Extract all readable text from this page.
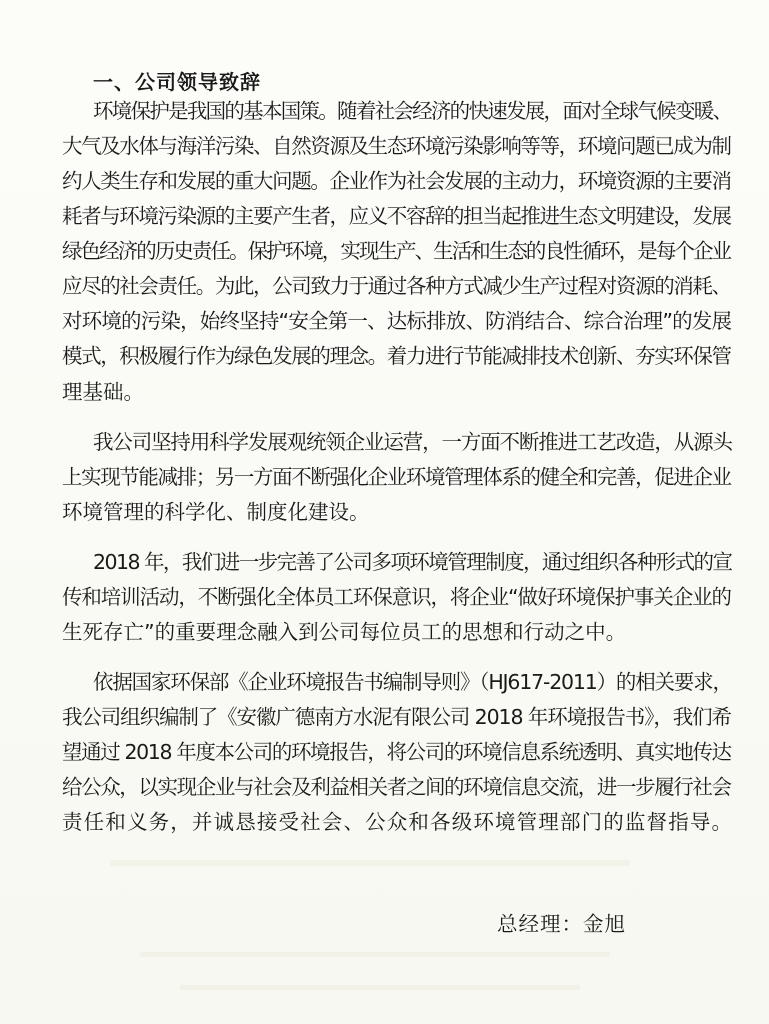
一、公司领导致辞
环境保护是我国的基本国策。随着社会经济的快速发展，面对全球气候变暖、
大气及水体与海洋污染、自然资源及生态环境污染影响等等，环境问题已成为制
约人类生存和发展的重大问题。企业作为社会发展的主动力，环境资源的主要消
耗者与环境污染源的主要产生者，应义不容辞的担当起推进生态文明建设，发展
绿色经济的历史责任。保护环境，实现生产、生活和生态的良性循环，是每个企业
应尽的社会责任。为此，公司致力于通过各种方式减少生产过程对资源的消耗、
对环境的污染，始终坚持“安全第一、达标排放、防消结合、综合治理”的发展
模式，积极履行作为绿色发展的理念。着力进行节能减排技术创新、夯实环保管
理基础。
我公司坚持用科学发展观统领企业运营，一方面不断推进工艺改造，从源头
上实现节能减排；另一方面不断强化企业环境管理体系的健全和完善，促进企业
环境管理的科学化、制度化建设。
2018 年，我们进一步完善了公司多项环境管理制度，通过组织各种形式的宣
传和培训活动，不断强化全体员工环保意识，将企业“做好环境保护事关企业的
生死存亡”的重要理念融入到公司每位员工的思想和行动之中。
依据国家环保部《企业环境报告书编制导则》（HJ617-2011）的相关要求，
我公司组织编制了《安徽广德南方水泥有限公司 2018 年环境报告书》，我们希
望通过 2018 年度本公司的环境报告，将公司的环境信息系统透明、真实地传达
给公众，以实现企业与社会及利益相关者之间的环境信息交流，进一步履行社会
责任和义务，并诚恳接受社会、公众和各级环境管理部门的监督指导。
总经理：金旭
